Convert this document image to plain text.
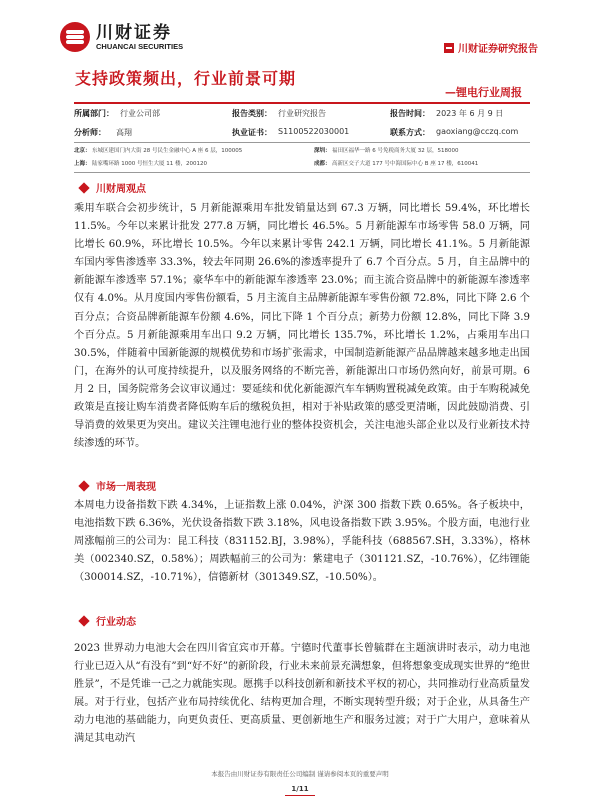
川财证券
CHUANCAI SECURITIES	川财证券研究报告
支持政策频出，行业前景可期
—锂电行业周报
所属部门： 行业公司部	报告类别： 行业研究报告	报告时间： 2023 年 6 月 9 日
分析师： 高翔	执业证书： S1100522030001	联系方式： gaoxiang@cczq.com
北京： 东城区建国门内大街 28 号民生金融中心 A 座 6 层，100005	深圳： 福田区福华一路 6 号免税商务大厦 32 层，518000
上海： 陆家嘴环路 1000 号恒生大厦 11 楼，200120	成都： 高新区交子大道 177 号中海国际中心 B 座 17 楼，610041
川财周观点

乘用车联合会初步统计，5 月新能源乘用车批发销量达到 67.3 万辆，同比增长 59.4%，环比增长 11.5%。今年以来累计批发 277.8 万辆，同比增长 46.5%。5 月新能源车市场零售 58.0 万辆，同比增长 60.9%，环比增长 10.5%。今年以来累计零售 242.1 万辆，同比增长 41.1%。5 月新能源车国内零售渗透率 33.3%，较去年同期 26.6%的渗透率提升了 6.7 个百分点。5 月，自主品牌中的新能源车渗透率 57.1%；豪华车中的新能源车渗透率 23.0%；而主流合资品牌中的新能源车渗透率仅有 4.0%。从月度国内零售份额看，5 月主流自主品牌新能源车零售份额 72.8%，同比下降 2.6 个百分点；合资品牌新能源车份额 4.6%，同比下降 1 个百分点；新势力份额 12.8%，同比下降 3.9 个百分点。5 月新能源乘用车出口 9.2 万辆，同比增长 135.7%，环比增长 1.2%，占乘用车出口 30.5%，伴随着中国新能源的规模优势和市场扩张需求，中国制造新能源产品品牌越来越多地走出国门，在海外的认可度持续提升，以及服务网络的不断完善，新能源出口市场仍然向好，前景可期。6 月 2 日，国务院常务会议审议通过：要延续和优化新能源汽车车辆购置税减免政策。由于车购税减免政策是直接让购车消费者降低购车后的缴税负担，相对于补贴政策的感受更清晰，因此鼓励消费、引导消费的效果更为突出。建议关注锂电池行业的整体投资机会，关注电池头部企业以及行业新技术持续渗透的环节。

市场一周表现

本周电力设备指数下跌 4.34%，上证指数上涨 0.04%，沪深 300 指数下跌 0.65%。各子板块中，电池指数下跌 6.36%，光伏设备指数下跌 3.18%，风电设备指数下跌 3.95%。个股方面，电池行业周涨幅前三的公司为：昆工科技（831152.BJ，3.98%），孚能科技（688567.SH，3.33%），格林美（002340.SZ，0.58%）；周跌幅前三的公司为：紫建电子（301121.SZ，-10.76%），亿纬锂能（300014.SZ，-10.71%），信德新材（301349.SZ，-10.50%）。

行业动态

2023 世界动力电池大会在四川省宜宾市开幕。宁德时代董事长曾毓群在主题演讲时表示，动力电池行业已迈入从“有没有”到“好不好”的新阶段，行业未来前景充满想象，但将想象变成现实世界的“绝世胜景”，不是凭谁一己之力就能实现。愿携手以科技创新和新技术平权的初心，共同推动行业高质量发展。对于行业，包括产业布局持续优化、结构更加合理，不断实现转型升级；对于企业，从具备生产动力电池的基础能力，向更负责任、更高质量、更创新地生产和服务过渡；对于广大用户，意味着从满足其电动汽

本报告由川财证券有限责任公司编制 谨请参阅本页的重要声明
1/11
